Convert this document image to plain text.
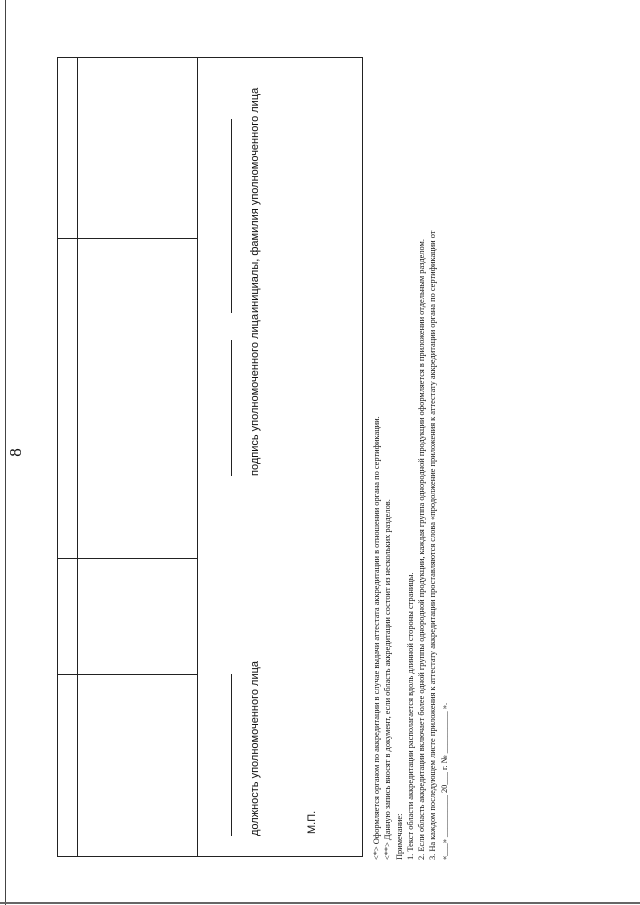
8
должность уполномоченного лица
подпись уполномоченного лица
инициалы, фамилия уполномоченного лица
М.П.	<*> Оформляется органом по аккредитации в случае выдачи аттестата аккредитации в отношении органа по сертификации. <**> Данную запись вносят в документ, если область аккредитации состоит из нескольких разделов. Примечание: 1. Текст области аккредитации располагается вдоль длинной стороны страницы. 2. Если область аккредитации включает более одной группы однородной продукции, каждая группа однородной продукции оформляется в приложении отдельным разделом. 3. На каждом последующем листе приложения к аттестату аккредитации проставляются слова «продолжение приложения к аттестату аккредитации органа по сертификации от «___» __________ 20___ г. № __________ ».
